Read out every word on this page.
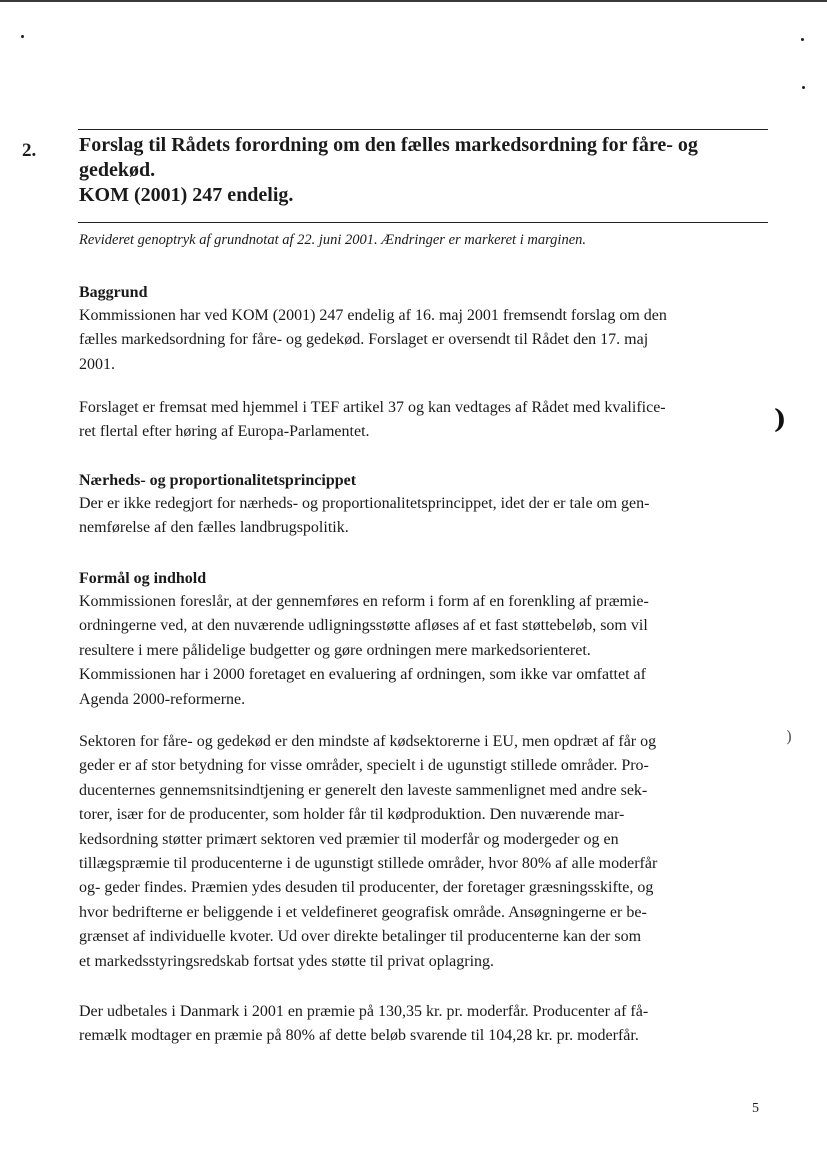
)
)
2. Forslag til Rådets forordning om den fælles markedsordning for fåre- og
gedekød.
KOM (2001) 247 endelig.
Revideret genoptryk af grundnotat af 22. juni 2001. Ændringer er markeret i marginen.
Baggrund
Kommissionen har ved KOM (2001) 247 endelig af 16. maj 2001 fremsendt forslag om den
fælles markedsordning for fåre- og gedekød. Forslaget er oversendt til Rådet den 17. maj
2001.
Forslaget er fremsat med hjemmel i TEF artikel 37 og kan vedtages af Rådet med kvalifice-
ret flertal efter høring af Europa-Parlamentet.
Nærheds- og proportionalitetsprincippet
Der er ikke redegjort for nærheds- og proportionalitetsprincippet, idet der er tale om gen-
nemførelse af den fælles landbrugspolitik.
Formål og indhold
Kommissionen foreslår, at der gennemføres en reform i form af en forenkling af præmie-
ordningerne ved, at den nuværende udligningsstøtte afløses af et fast støttebeløb, som vil
resultere i mere pålidelige budgetter og gøre ordningen mere markedsorienteret.
Kommissionen har i 2000 foretaget en evaluering af ordningen, som ikke var omfattet af
Agenda 2000-reformerne.
Sektoren for fåre- og gedekød er den mindste af kødsektorerne i EU, men opdræt af får og
geder er af stor betydning for visse områder, specielt i de ugunstigt stillede områder. Pro-
ducenternes gennemsnitsindtjening er generelt den laveste sammenlignet med andre sek-
torer, især for de producenter, som holder får til kødproduktion. Den nuværende mar-
kedsordning støtter primært sektoren ved præmier til moderfår og modergeder og en
tillægspræmie til producenterne i de ugunstigt stillede områder, hvor 80% af alle moderfår
og- geder findes. Præmien ydes desuden til producenter, der foretager græsningsskifte, og
hvor bedrifterne er beliggende i et veldefineret geografisk område. Ansøgningerne er be-
grænset af individuelle kvoter. Ud over direkte betalinger til producenterne kan der som
et markedsstyringsredskab fortsat ydes støtte til privat oplagring.
Der udbetales i Danmark i 2001 en præmie på 130,35 kr. pr. moderfår. Producenter af få-
remælk modtager en præmie på 80% af dette beløb svarende til 104,28 kr. pr. moderfår.
5
